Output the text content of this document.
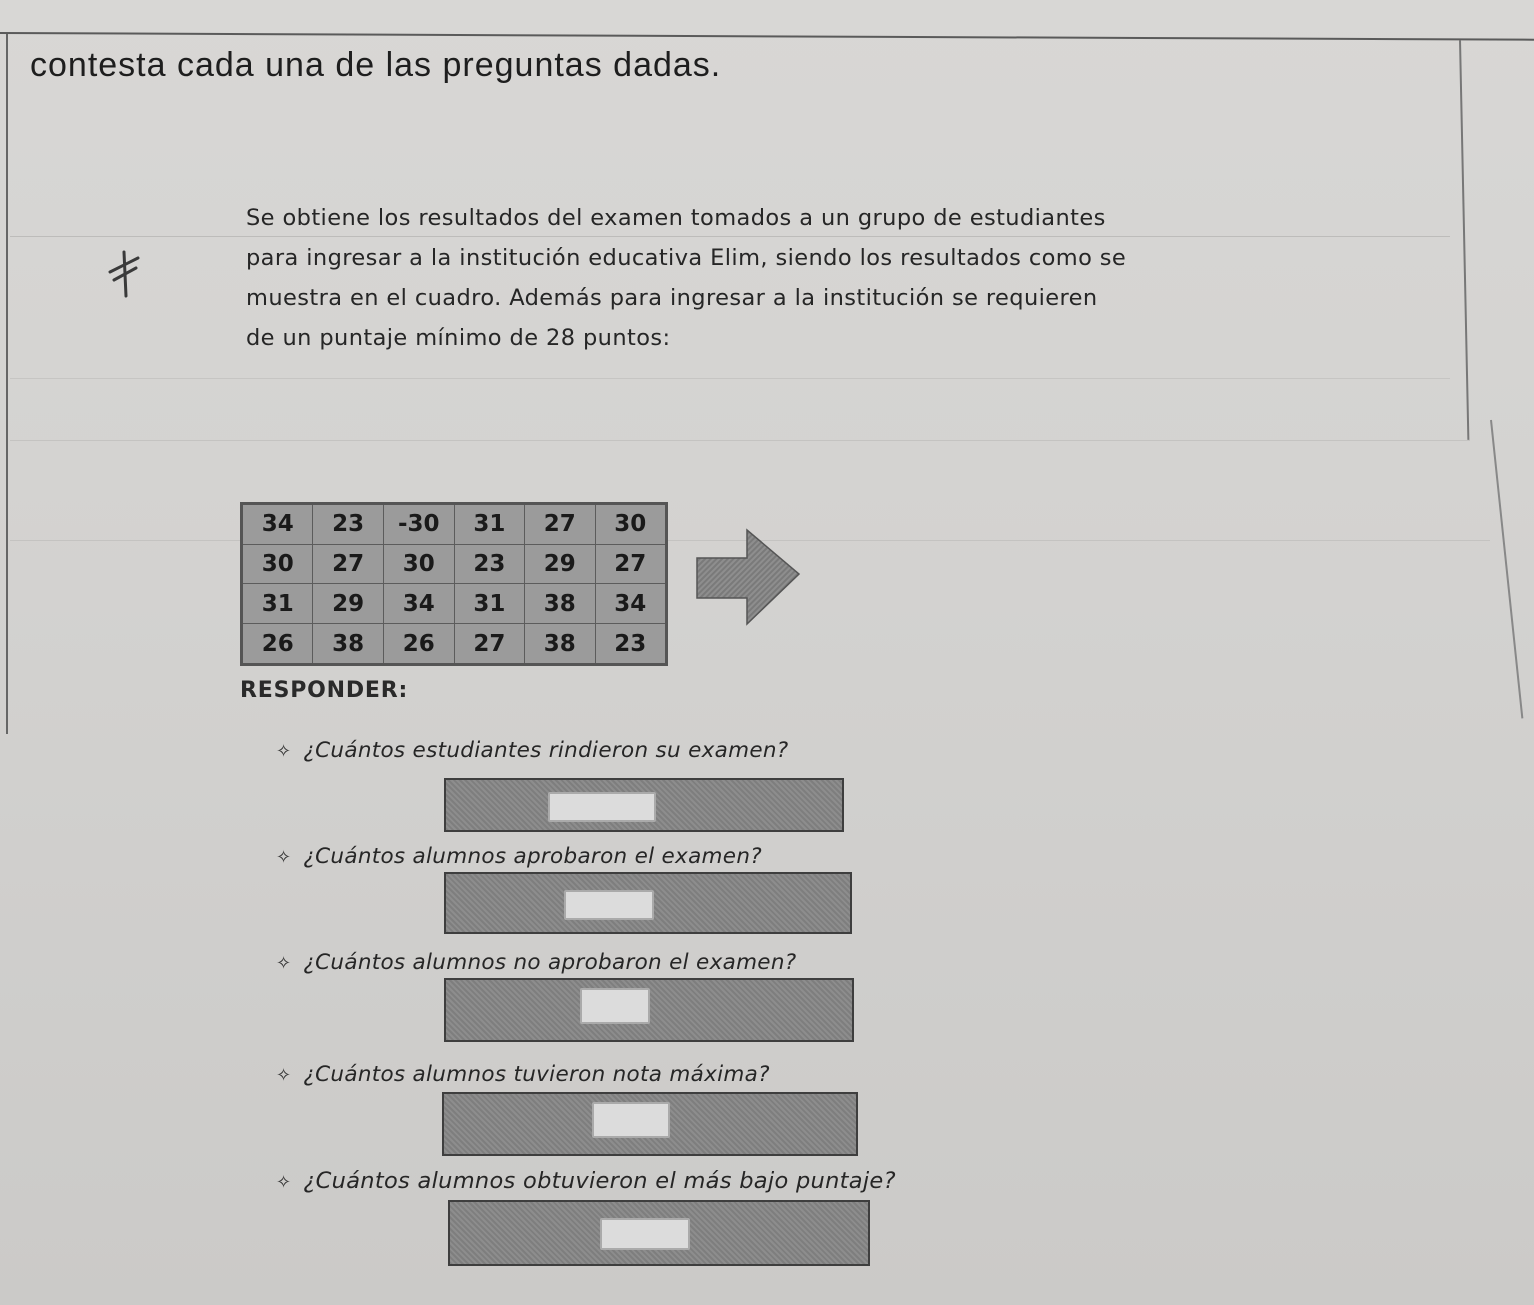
contesta cada una de las preguntas dadas.

Se obtiene los resultados del examen tomados a un grupo de estudiantes

para ingresar a la institución educativa Elim, siendo los resultados como se

muestra en el cuadro. Además para ingresar a la institución se requieren

de un puntaje mínimo de 28 puntos:

34	23	-30	31	27	30
30	27	30	23	29	27
31	29	34	31	38	34
26	38	26	27	38	23
RESPONDER:
✧ ¿Cuántos estudiantes rindieron su examen?
✧ ¿Cuántos alumnos aprobaron el examen?
✧ ¿Cuántos alumnos no aprobaron el examen?
✧ ¿Cuántos alumnos tuvieron nota máxima?
✧ ¿Cuántos alumnos obtuvieron el más bajo puntaje?
